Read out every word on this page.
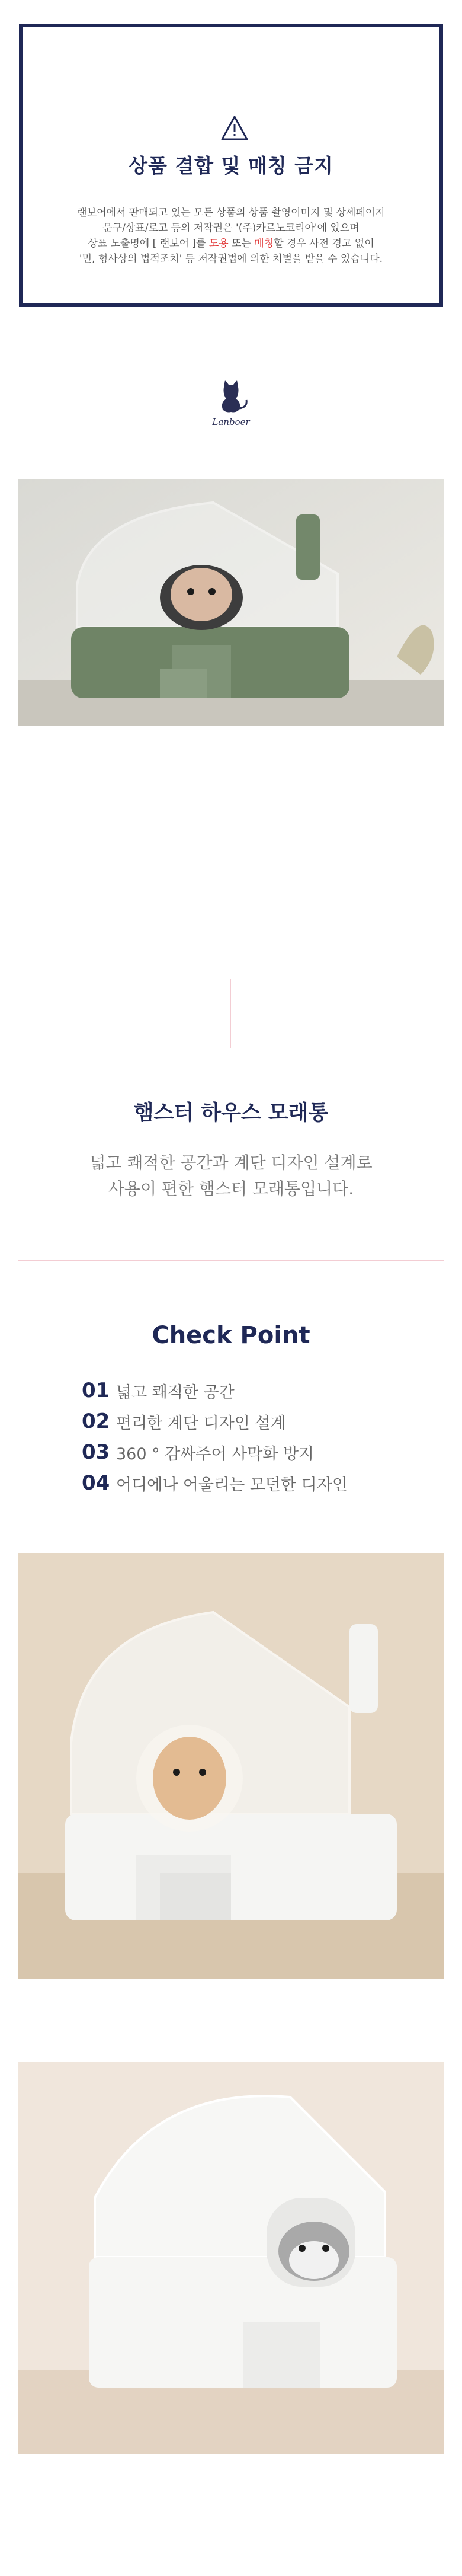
상품 결합 및 매칭 금지
랜보어에서 판매되고 있는 모든 상품의 상품 촬영이미지 및 상세페이지
문구/상표/로고 등의 저작권은 '(주)카르노코리아'에 있으며
상표 노출명에 [ 랜보어 ]를 도용 또는 매칭할 경우 사전 경고 없이
'민, 형사상의 법적조치' 등 저작권법에 의한 처벌을 받을 수 있습니다.
Lanboer
햄스터 하우스 모래통
넓고 쾌적한 공간과 계단 디자인 설계로
사용이 편한 햄스터 모래통입니다.
Check Point
01 넓고 쾌적한 공간
02 편리한 계단 디자인 설계
03 360 ° 감싸주어 사막화 방지
04 어디에나 어울리는 모던한 디자인
